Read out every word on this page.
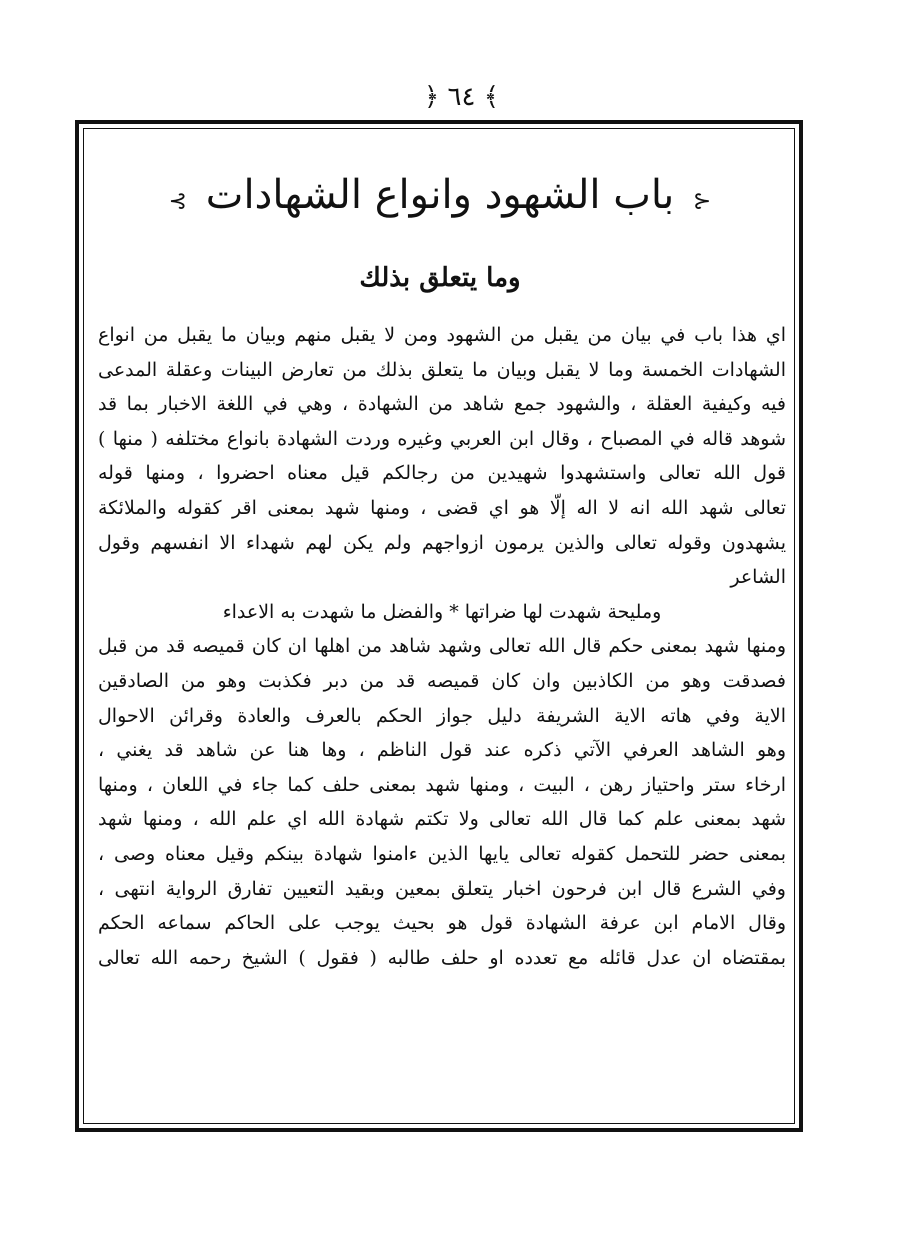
﴾ ٦٤ ﴿
⊰ باب الشهود وانواع الشهادات ⊱
وما يتعلق بذلك
اي هذا باب في بيان من يقبل من الشهود ومن لا يقبل منهم وبيان ما يقبل من انواع
الشهادات الخمسة وما لا يقبل وبيان ما يتعلق بذلك من تعارض البينات وعقلة المدعى
فيه وكيفية العقلة ، والشهود جمع شاهد من الشهادة ، وهي في اللغة الاخبار بما قد
شوهد قاله في المصباح ، وقال ابن العربي وغيره وردت الشهادة بانواع مختلفه ( منها )
قول الله تعالى واستشهدوا شهيدين من رجالكم قيل معناه احضروا ، ومنها قوله
تعالى شهد الله انه لا اله إلّا هو اي قضى ، ومنها شهد بمعنى اقر كقوله والملائكة
يشهدون وقوله تعالى والذين يرمون ازواجهم ولم يكن لهم شهداء الا انفسهم وقول
الشاعر
ومليحة شهدت لها ضراتها * والفضل ما شهدت به الاعداء
ومنها شهد بمعنى حكم قال الله تعالى وشهد شاهد من اهلها ان كان قميصه قد من قبل
فصدقت وهو من الكاذبين وان كان قميصه قد من دبر فكذبت وهو من الصادقين
الاية وفي هاته الاية الشريفة دليل جواز الحكم بالعرف والعادة وقرائن الاحوال
وهو الشاهد العرفي الآتي ذكره عند قول الناظم ، وها هنا عن شاهد قد يغني ،
ارخاء ستر واحتياز رهن ، البيت ، ومنها شهد بمعنى حلف كما جاء في اللعان ، ومنها
شهد بمعنى علم كما قال الله تعالى ولا تكتم شهادة الله اي علم الله ، ومنها شهد
بمعنى حضر للتحمل كقوله تعالى يايها الذين ءامنوا شهادة بينكم وقيل معناه وصى ،
وفي الشرع قال ابن فرحون اخبار يتعلق بمعين وبقيد التعيين تفارق الرواية انتهى ،
وقال الامام ابن عرفة الشهادة قول هو بحيث يوجب على الحاكم سماعه الحكم
بمقتضاه ان عدل قائله مع تعدده او حلف طالبه ( فقول ) الشيخ رحمه الله تعالى
